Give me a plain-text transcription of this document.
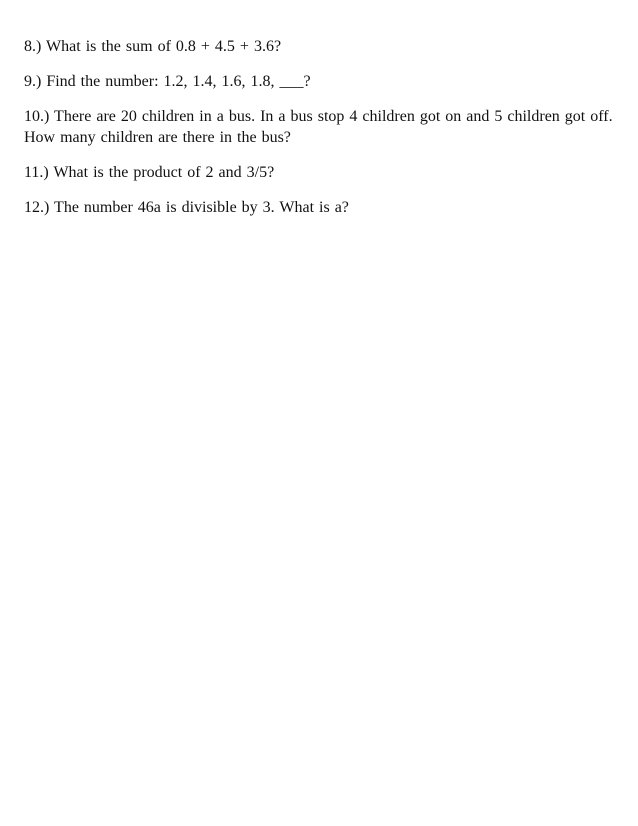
8.) What is the sum of 0.8 + 4.5 + 3.6?

9.) Find the number: 1.2, 1.4, 1.6, 1.8, ___?

10.) There are 20 children in a bus. In a bus stop 4 children got on and 5 children got off. How many children are there in the bus?

11.) What is the product of 2 and 3/5?

12.) The number 46a is divisible by 3. What is a?
